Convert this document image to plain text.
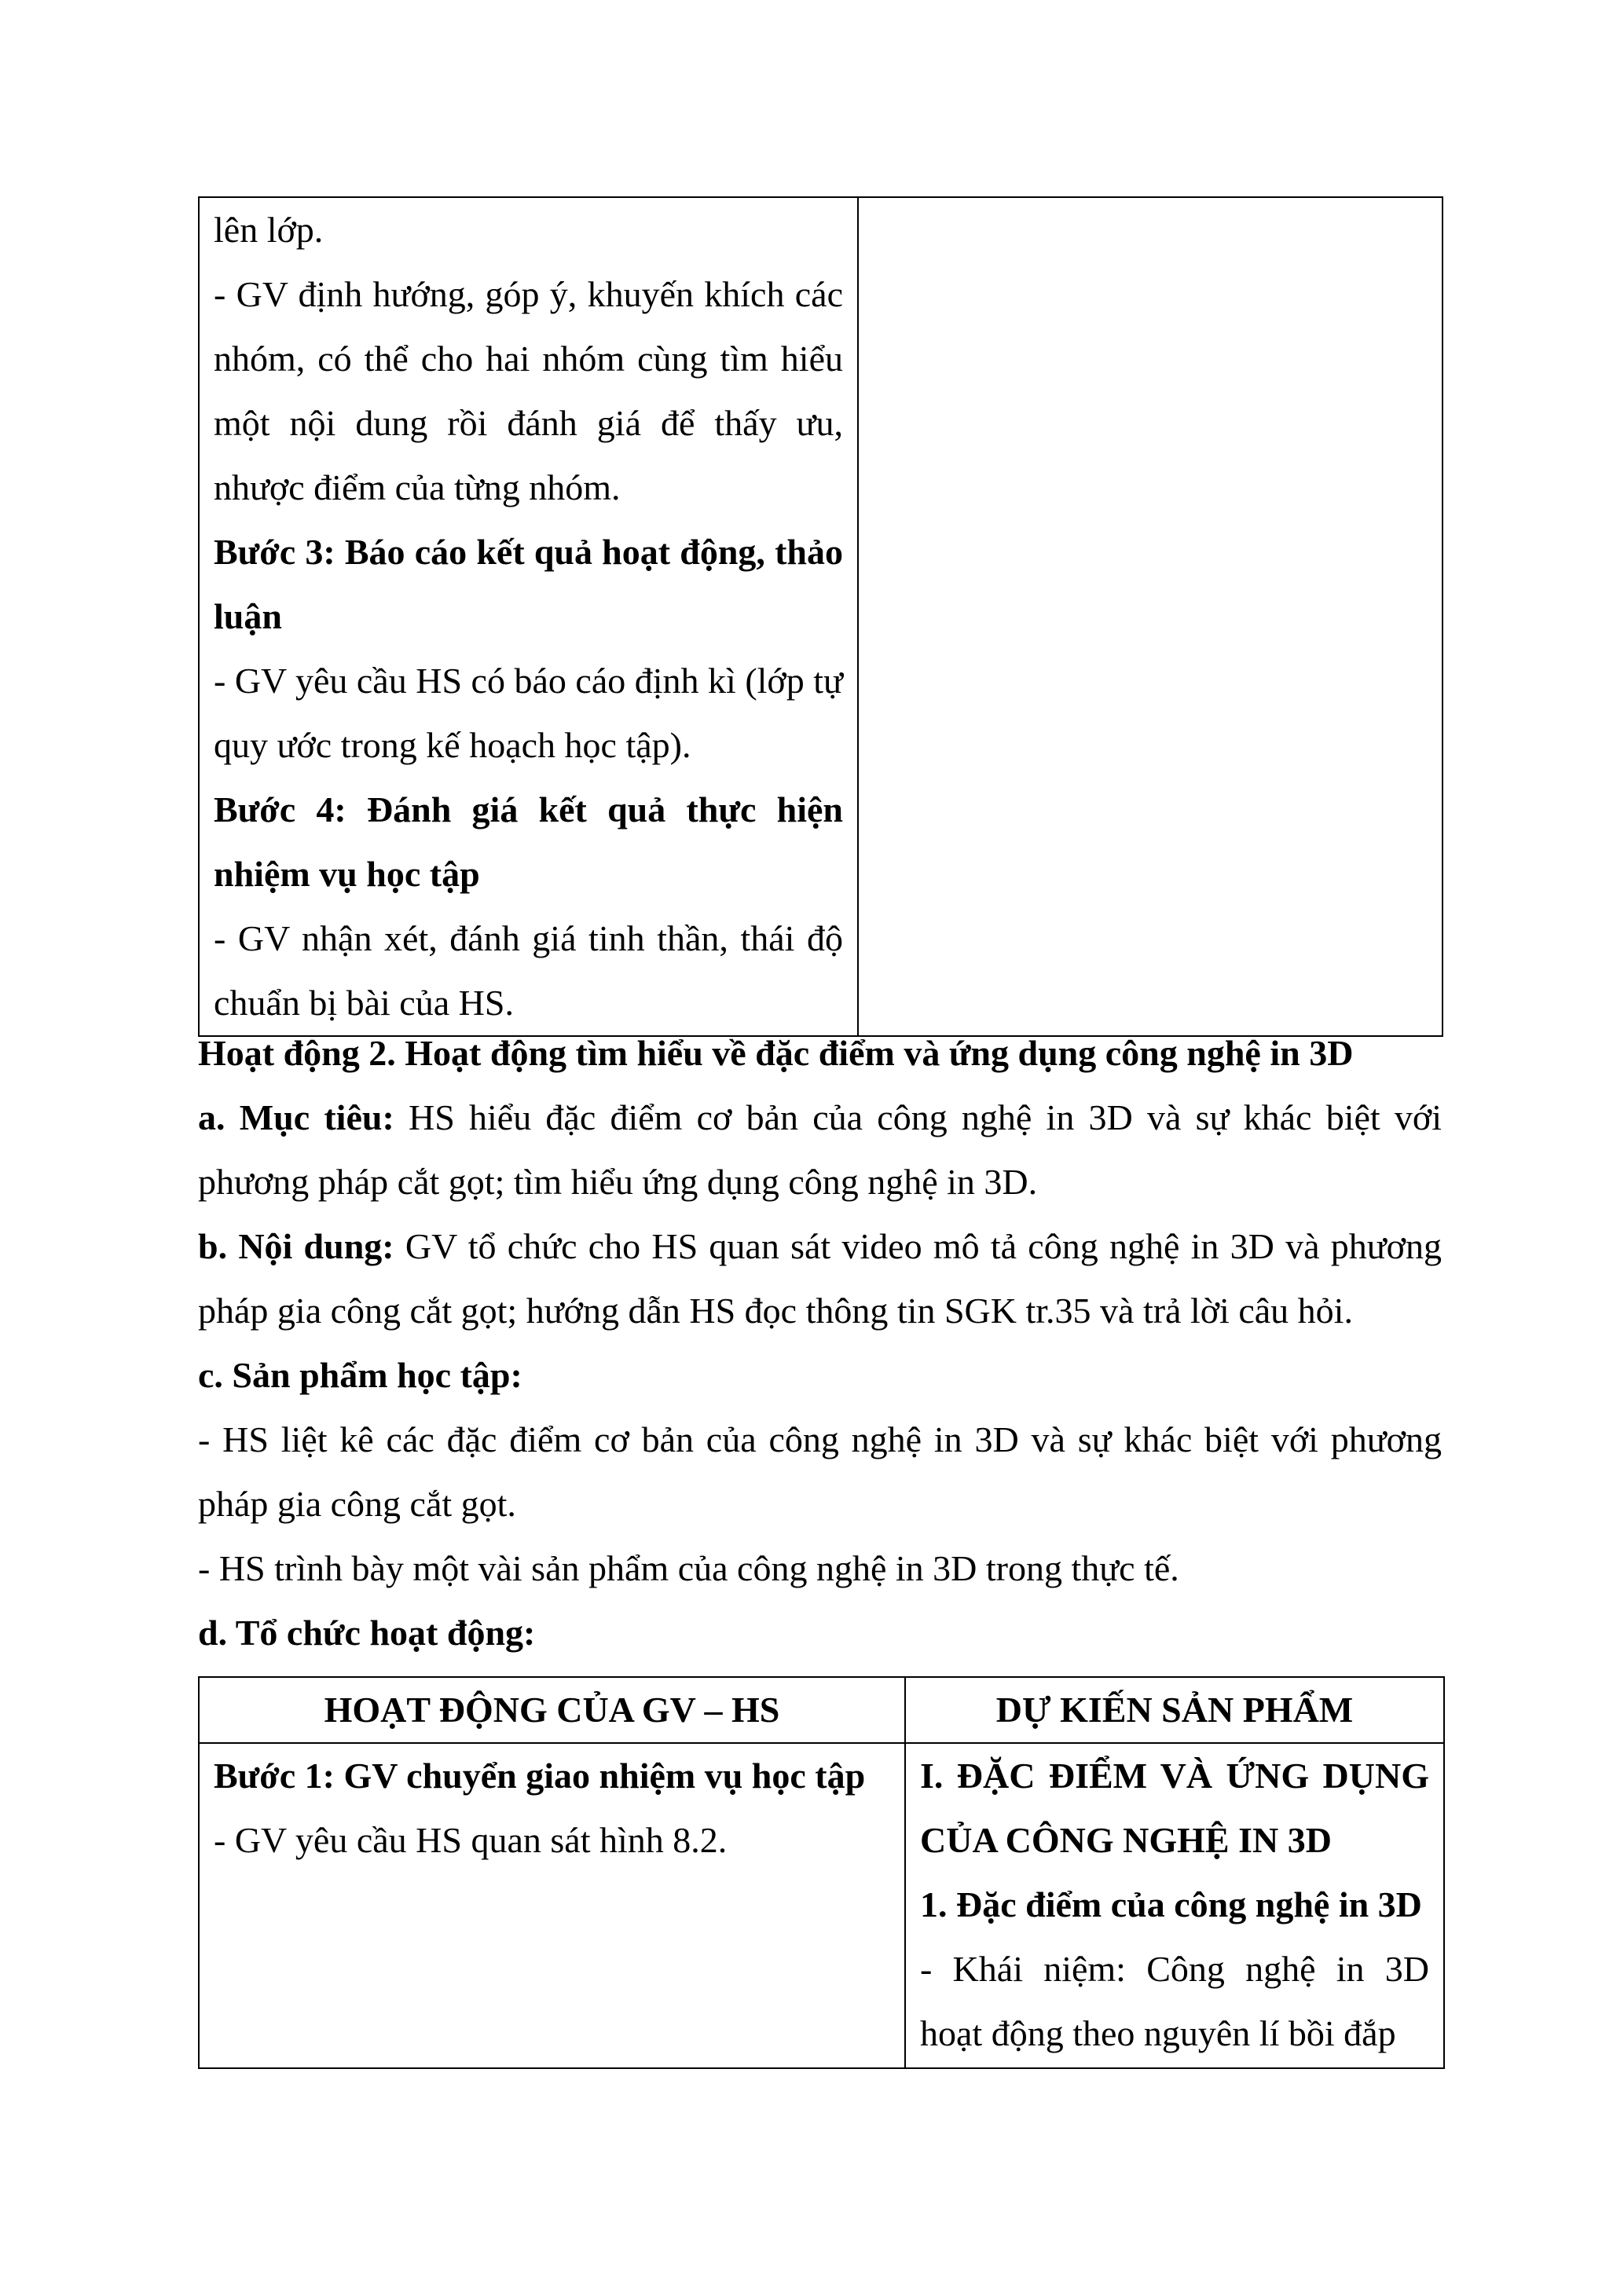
lên lớp.
- GV định hướng, góp ý, khuyến khích các nhóm, có thể cho hai nhóm cùng tìm hiểu một nội dung rồi đánh giá để thấy ưu, nhược điểm của từng nhóm.
Bước 3: Báo cáo kết quả hoạt động, thảo luận
- GV yêu cầu HS có báo cáo định kì (lớp tự quy ước trong kế hoạch học tập).
Bước 4: Đánh giá kết quả thực hiện nhiệm vụ học tập
- GV nhận xét, đánh giá tinh thần, thái độ chuẩn bị bài của HS.

Hoạt động 2. Hoạt động tìm hiểu về đặc điểm và ứng dụng công nghệ in 3D
a. Mục tiêu: HS hiểu đặc điểm cơ bản của công nghệ in 3D và sự khác biệt với phương pháp cắt gọt; tìm hiểu ứng dụng công nghệ in 3D.
b. Nội dung: GV tổ chức cho HS quan sát video mô tả công nghệ in 3D và phương pháp gia công cắt gọt; hướng dẫn HS đọc thông tin SGK tr.35 và trả lời câu hỏi.
c. Sản phẩm học tập:
- HS liệt kê các đặc điểm cơ bản của công nghệ in 3D và sự khác biệt với phương pháp gia công cắt gọt.
- HS trình bày một vài sản phẩm của công nghệ in 3D trong thực tế.
d. Tổ chức hoạt động:
HOẠT ĐỘNG CỦA GV – HS	DỰ KIẾN SẢN PHẨM

Bước 1: GV chuyển giao nhiệm vụ học tập
- GV yêu cầu HS quan sát hình 8.2.	I. ĐẶC ĐIỂM VÀ ỨNG DỤNG CỦA CÔNG NGHỆ IN 3D
1. Đặc điểm của công nghệ in 3D
- Khái niệm: Công nghệ in 3D hoạt động theo nguyên lí bồi đắp
